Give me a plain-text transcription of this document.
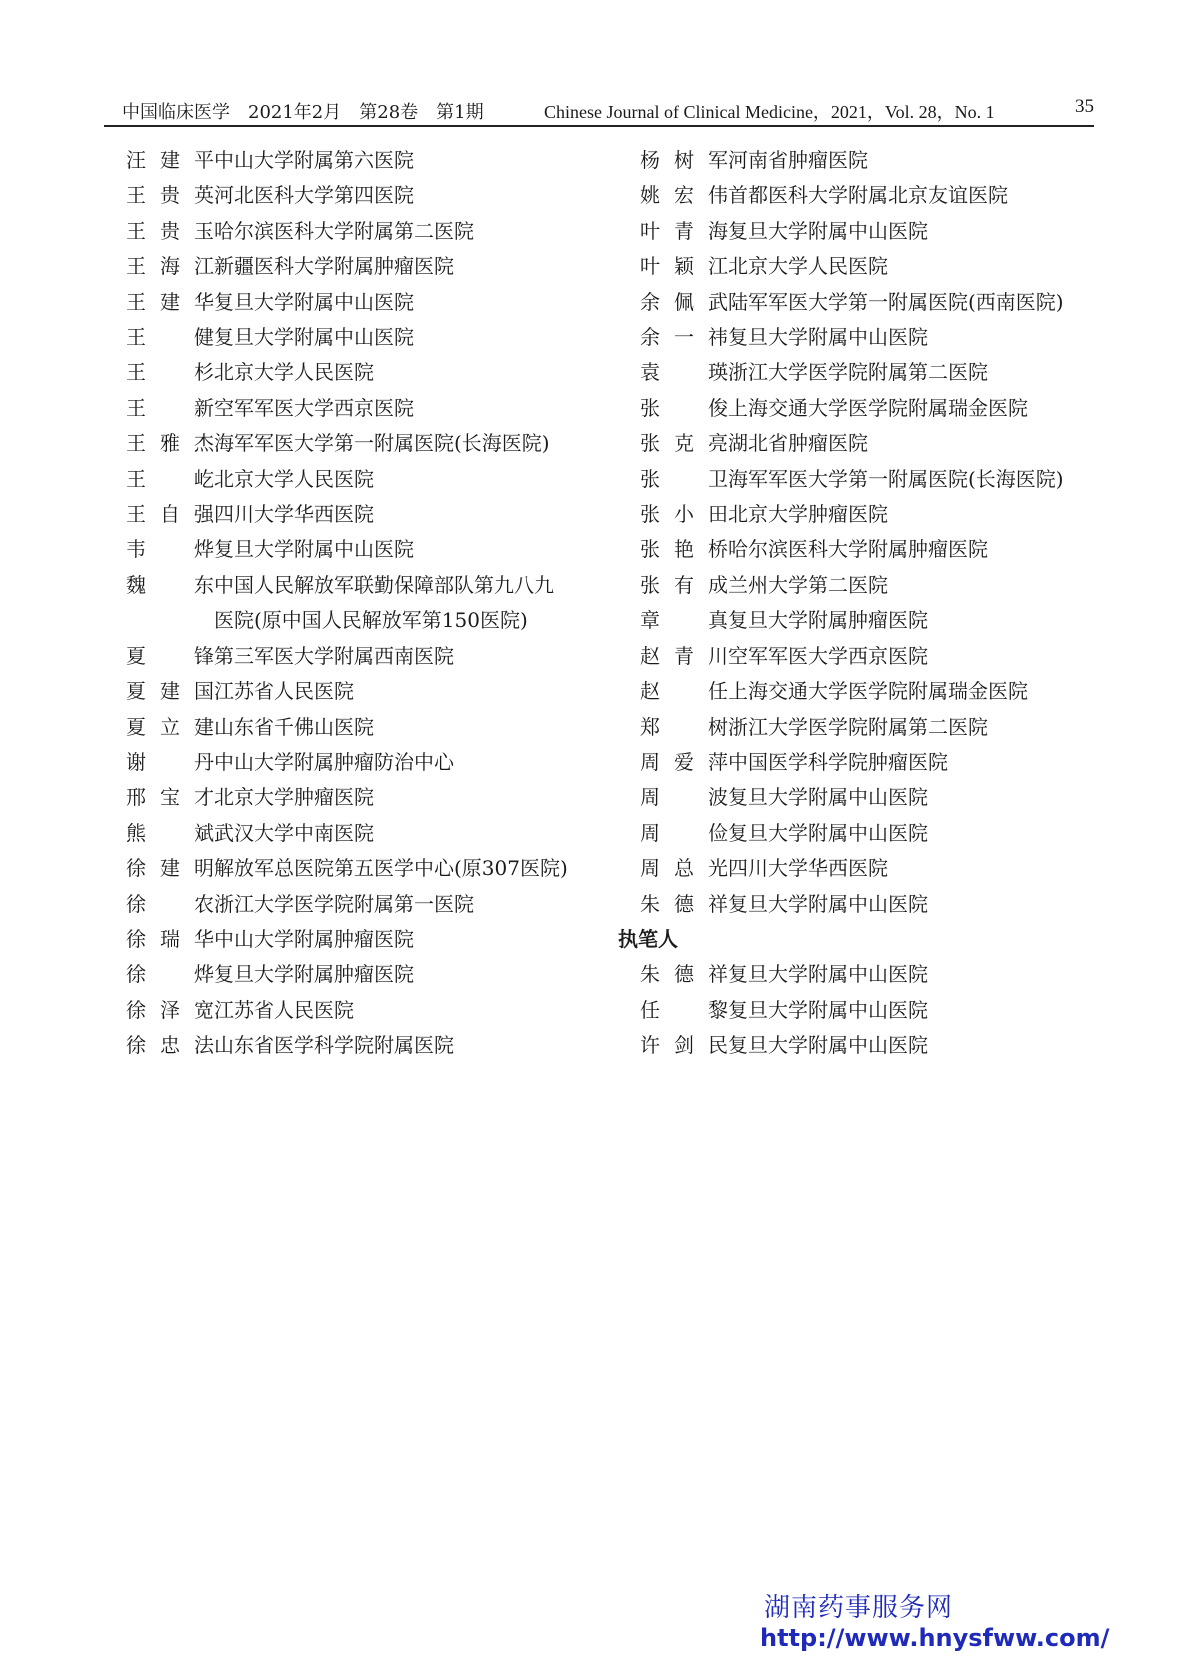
中国临床医学　2021年2月　第28卷　第1期	Chinese Journal of Clinical Medicine，2021，Vol. 28，No. 1	35
汪建平 中山大学附属第六医院
王贵英 河北医科大学第四医院
王贵玉 哈尔滨医科大学附属第二医院
王海江 新疆医科大学附属肿瘤医院
王建华 复旦大学附属中山医院
王　健 复旦大学附属中山医院
王　杉 北京大学人民医院
王　新 空军军医大学西京医院
王雅杰 海军军医大学第一附属医院(长海医院)
王　屹 北京大学人民医院
王自强 四川大学华西医院
韦　烨 复旦大学附属中山医院
魏　东 中国人民解放军联勤保障部队第九八九
医院(原中国人民解放军第150医院)
夏　锋 第三军医大学附属西南医院
夏建国 江苏省人民医院
夏立建 山东省千佛山医院
谢　丹 中山大学附属肿瘤防治中心
邢宝才 北京大学肿瘤医院
熊　斌 武汉大学中南医院
徐建明 解放军总医院第五医学中心(原307医院)
徐　农 浙江大学医学院附属第一医院
徐瑞华 中山大学附属肿瘤医院
徐　烨 复旦大学附属肿瘤医院
徐泽宽 江苏省人民医院
徐忠法 山东省医学科学院附属医院
杨树军 河南省肿瘤医院
姚宏伟 首都医科大学附属北京友谊医院
叶青海 复旦大学附属中山医院
叶颖江 北京大学人民医院
余佩武 陆军军医大学第一附属医院(西南医院)
余一祎 复旦大学附属中山医院
袁　瑛 浙江大学医学院附属第二医院
张　俊 上海交通大学医学院附属瑞金医院
张克亮 湖北省肿瘤医院
张　卫 海军军医大学第一附属医院(长海医院)
张小田 北京大学肿瘤医院
张艳桥 哈尔滨医科大学附属肿瘤医院
张有成 兰州大学第二医院
章　真 复旦大学附属肿瘤医院
赵青川 空军军医大学西京医院
赵　任 上海交通大学医学院附属瑞金医院
郑　树 浙江大学医学院附属第二医院
周爱萍 中国医学科学院肿瘤医院
周　波 复旦大学附属中山医院
周　俭 复旦大学附属中山医院
周总光 四川大学华西医院
朱德祥 复旦大学附属中山医院
执笔人
朱德祥 复旦大学附属中山医院
任　黎 复旦大学附属中山医院
许剑民 复旦大学附属中山医院
湖南药事服务网
http://www.hnysfww.com/
